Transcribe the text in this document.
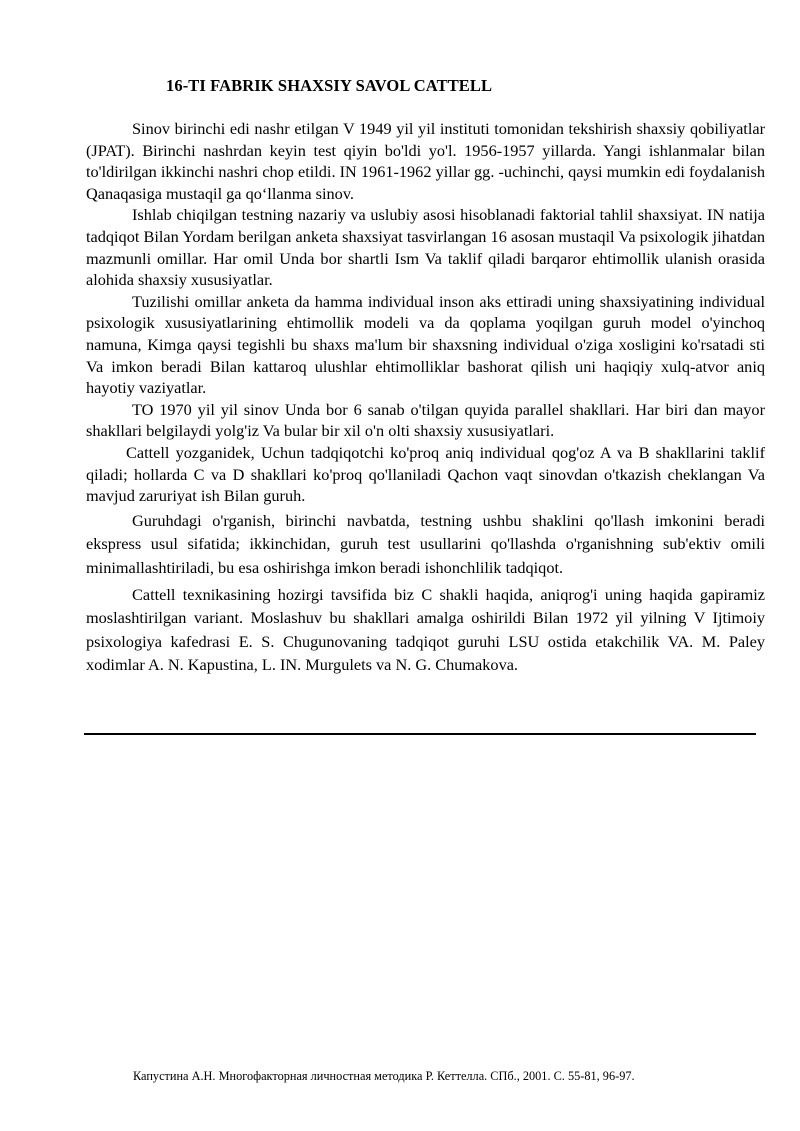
16-TI FABRIK SHAXSIY SAVOL CATTELL

Sinov birinchi edi nashr etilgan V 1949 yil yil instituti tomonidan tekshirish shaxsiy qobiliyatlar (JPAT). Birinchi nashrdan keyin test qiyin bo'ldi yo'l. 1956-1957 yillarda. Yangi ishlanmalar bilan to'ldirilgan ikkinchi nashri chop etildi. IN 1961-1962 yillar gg. -uchinchi, qaysi mumkin edi foydalanish Qanaqasiga mustaqil ga qo‘llanma sinov.

Ishlab chiqilgan testning nazariy va uslubiy asosi hisoblanadi faktorial tahlil shaxsiyat. IN natija tadqiqot Bilan Yordam berilgan anketa shaxsiyat tasvirlangan 16 asosan mustaqil Va psixologik jihatdan mazmunli omillar. Har omil Unda bor shartli Ism Va taklif qiladi barqaror ehtimollik ulanish orasida alohida shaxsiy xususiyatlar.

Tuzilishi omillar anketa da hamma individual inson aks ettiradi uning shaxsiyatining individual psixologik xususiyatlarining ehtimollik modeli va da qoplama yoqilgan guruh model o'yinchoq namuna, Kimga qaysi tegishli bu shaxs ma'lum bir shaxsning individual o'ziga xosligini ko'rsatadi sti Va imkon beradi Bilan kattaroq ulushlar ehtimolliklar bashorat qilish uni haqiqiy xulq-atvor aniq hayotiy vaziyatlar.

TO 1970 yil yil sinov Unda bor 6 sanab o'tilgan quyida parallel shakllari. Har biri dan mayor shakllari belgilaydi yolg'iz Va bular bir xil o'n olti shaxsiy xususiyatlari.

Cattell yozganidek, Uchun tadqiqotchi ko'proq aniq individual qog'oz A va B shakllarini taklif qiladi; hollarda C va D shakllari ko'proq qo'llaniladi Qachon vaqt sinovdan o'tkazish cheklangan Va mavjud zaruriyat ish Bilan guruh.

Guruhdagi o'rganish, birinchi navbatda, testning ushbu shaklini qo'llash imkonini beradi ekspress usul sifatida; ikkinchidan, guruh test usullarini qo'llashda o'rganishning sub'ektiv omili minimallashtiriladi, bu esa oshirishga imkon beradi ishonchlilik tadqiqot.

Cattell texnikasining hozirgi tavsifida biz C shakli haqida, aniqrog'i uning haqida gapiramiz moslashtirilgan variant. Moslashuv bu shakllari amalga oshirildi Bilan 1972 yil yilning V Ijtimoiy psixologiya kafedrasi E. S. Chugunovaning tadqiqot guruhi LSU ostida etakchilik VA. M. Paley xodimlar A. N. Kapustina, L. IN. Murgulets va N. G. Chumakova.

Капустина А.Н. Многофакторная личностная методика Р. Кеттелла. СПб., 2001. С. 55-81, 96-97.
